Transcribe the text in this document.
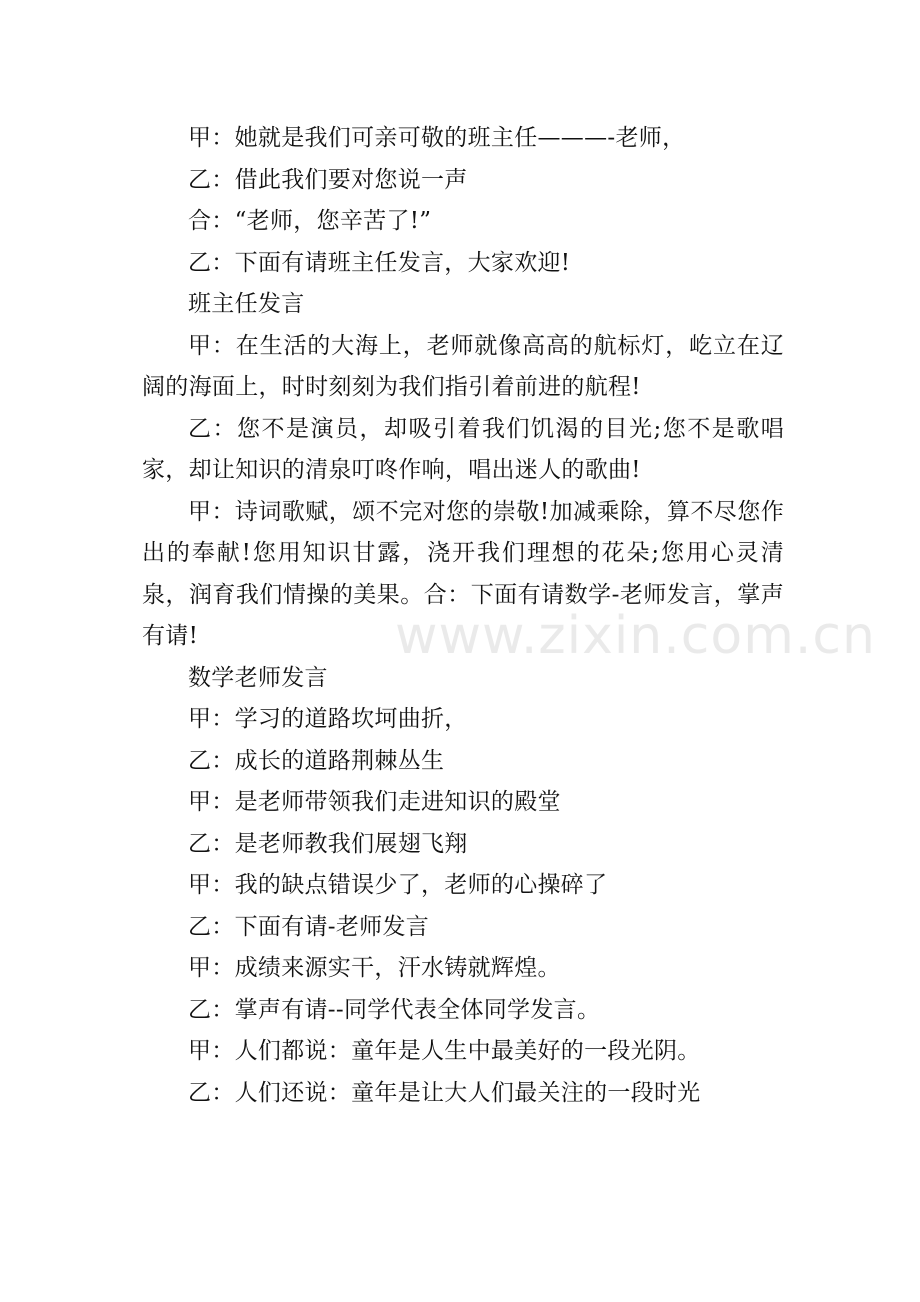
甲：她就是我们可亲可敬的班主任———-老师，

乙：借此我们要对您说一声

合：“老师，您辛苦了!”

乙：下面有请班主任发言，大家欢迎!

班主任发言

甲：在生活的大海上，老师就像高高的航标灯，屹立在辽阔的海面上，时时刻刻为我们指引着前进的航程!

乙：您不是演员，却吸引着我们饥渴的目光;您不是歌唱家，却让知识的清泉叮咚作响，唱出迷人的歌曲!

甲：诗词歌赋，颂不完对您的崇敬!加减乘除，算不尽您作出的奉献!您用知识甘露，浇开我们理想的花朵;您用心灵清泉，润育我们情操的美果。合：下面有请数学-老师发言，掌声有请!

数学老师发言

甲：学习的道路坎坷曲折，

乙：成长的道路荆棘丛生

甲：是老师带领我们走进知识的殿堂

乙：是老师教我们展翅飞翔

甲：我的缺点错误少了，老师的心操碎了

乙：下面有请-老师发言

甲：成绩来源实干，汗水铸就辉煌。

乙：掌声有请--同学代表全体同学发言。

甲：人们都说：童年是人生中最美好的一段光阴。

乙：人们还说：童年是让大人们最关注的一段时光

www.zixin.com.cn
